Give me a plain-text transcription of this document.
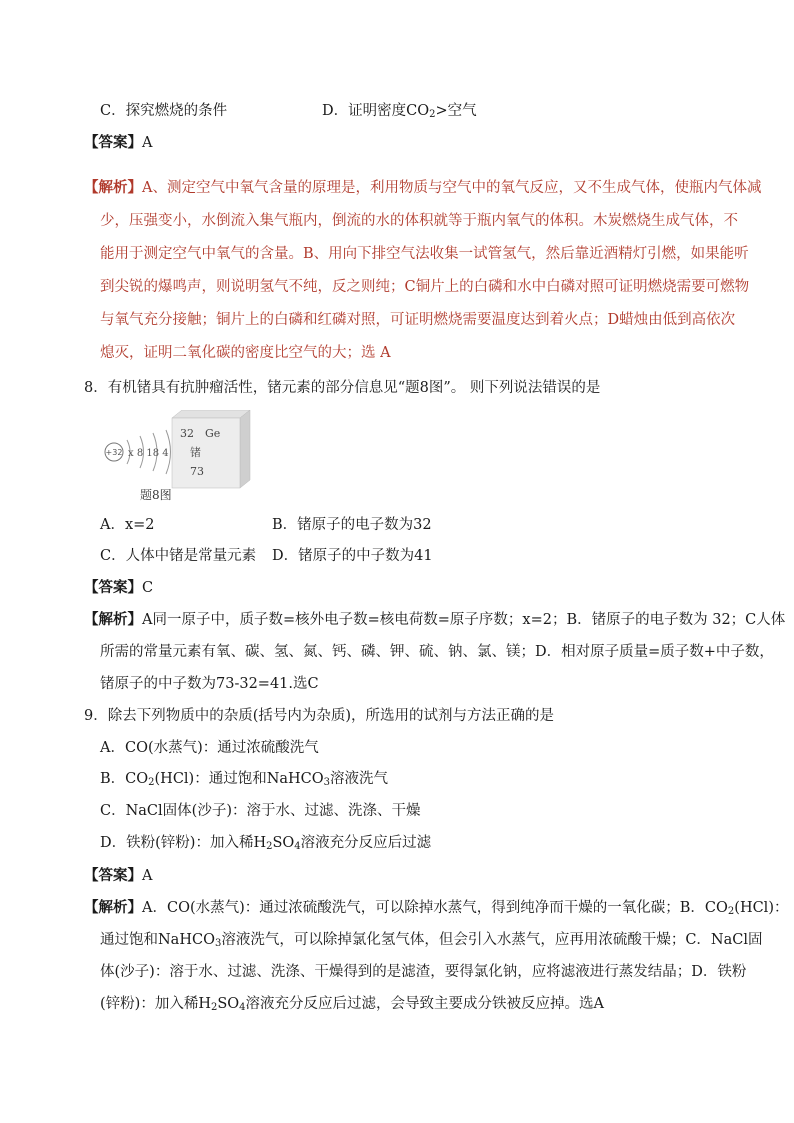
C．探究燃烧的条件	D．证明密度$CO_2>$空气
【答案】A
【解析】A、测定空气中氧气含量的原理是，利用物质与空气中的氧气反应，又不生成气体，使瓶内气体减
少，压强变小，水倒流入集气瓶内，倒流的水的体积就等于瓶内氧气的体积。木炭燃烧生成气体，不
能用于测定空气中氧气的含量。B、用向下排空气法收集一试管氢气，然后靠近酒精灯引燃，如果能听
到尖锐的爆鸣声，则说明氢气不纯，反之则纯；C铜片上的白磷和水中白磷对照可证明燃烧需要可燃物
与氧气充分接触；铜片上的白磷和红磷对照，可证明燃烧需要温度达到着火点；D蜡烛由低到高依次
熄灭，证明二氧化碳的密度比空气的大；选 A
8．有机锗具有抗肿瘤活性，锗元素的部分信息见“题8图”。 则下列说法错误的是
+32 x 8 18 4
32 Ge
锗
73
题8图
A．x=2	B．锗原子的电子数为32
C．人体中锗是常量元素 D．锗原子的中子数为41
【答案】C
【解析】A同一原子中，质子数=核外电子数=核电荷数=原子序数；x=2；B．锗原子的电子数为 32；C人体
所需的常量元素有氧、碳、氢、氮、钙、磷、钾、硫、钠、氯、镁；D．相对原子质量=质子数+中子数，
锗原子的中子数为73-32=41.选C
9．除去下列物质中的杂质(括号内为杂质)，所选用的试剂与方法正确的是
A．CO(水蒸气)：通过浓硫酸洗气
B．$CO_2(HCl)$：通过饱和NaHCO$_3$溶液洗气
C．NaCl固体(沙子)：溶于水、过滤、洗涤、干燥
D．铁粉(锌粉)：加入稀$H_2SO_4$溶液充分反应后过滤
【答案】A
【解析】A．CO(水蒸气)：通过浓硫酸洗气，可以除掉水蒸气，得到纯净而干燥的一氧化碳；B．$CO_2(HCl)$：
通过饱和NaHCO$_3$溶液洗气，可以除掉氯化氢气体，但会引入水蒸气，应再用浓硫酸干燥；C．NaCl固
体(沙子)：溶于水、过滤、洗涤、干燥得到的是滤渣，要得氯化钠，应将滤液进行蒸发结晶；D．铁粉
(锌粉)：加入稀$H_2SO_4$溶液充分反应后过滤，会导致主要成分铁被反应掉。选A
